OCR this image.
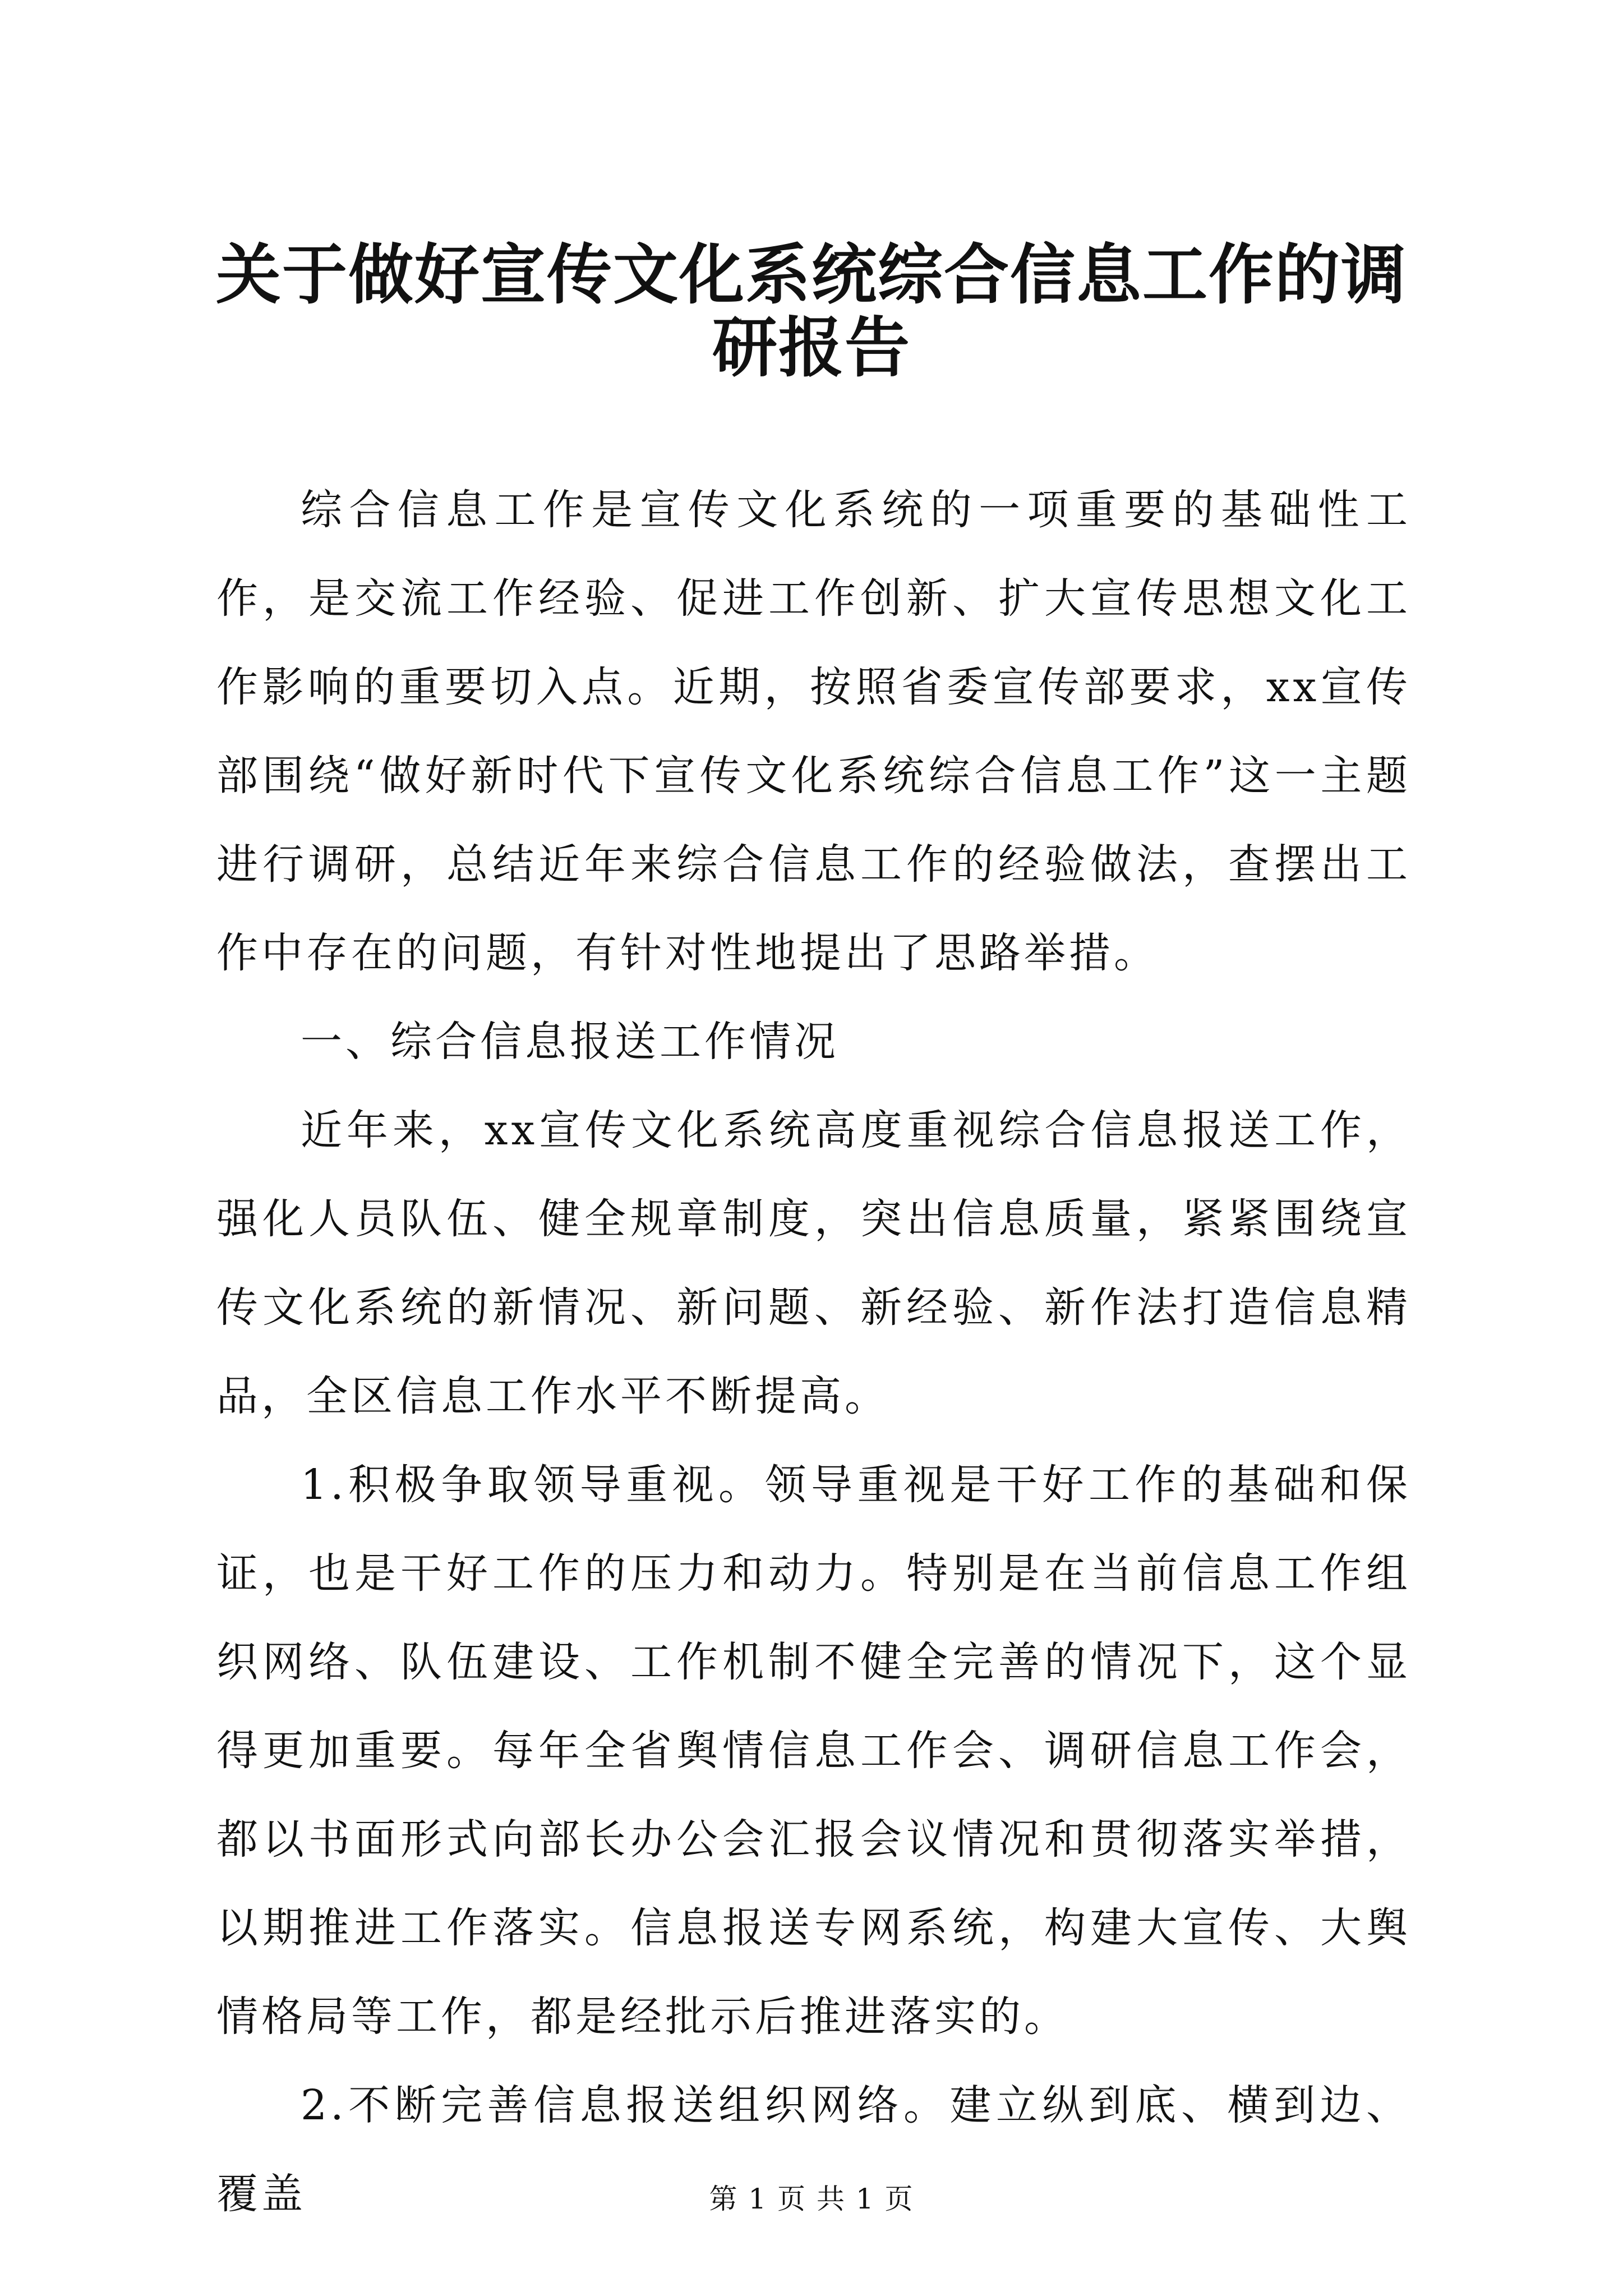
关于做好宣传文化系统综合信息工作的调研报告

综合信息工作是宣传文化系统的一项重要的基础性工作，是交流工作经验、促进工作创新、扩大宣传思想文化工作影响的重要切入点。近期，按照省委宣传部要求，xx宣传部围绕“做好新时代下宣传文化系统综合信息工作”这一主题进行调研，总结近年来综合信息工作的经验做法，查摆出工作中存在的问题，有针对性地提出了思路举措。

一、综合信息报送工作情况

近年来，xx宣传文化系统高度重视综合信息报送工作，强化人员队伍、健全规章制度，突出信息质量，紧紧围绕宣传文化系统的新情况、新问题、新经验、新作法打造信息精品，全区信息工作水平不断提高。

1.积极争取领导重视。领导重视是干好工作的基础和保证，也是干好工作的压力和动力。特别是在当前信息工作组织网络、队伍建设、工作机制不健全完善的情况下，这个显得更加重要。每年全省舆情信息工作会、调研信息工作会，都以书面形式向部长办公会汇报会议情况和贯彻落实举措，以期推进工作落实。信息报送专网系统，构建大宣传、大舆情格局等工作，都是经批示后推进落实的。

2.不断完善信息报送组织网络。建立纵到底、横到边、覆盖	第 1 页 共 1 页
